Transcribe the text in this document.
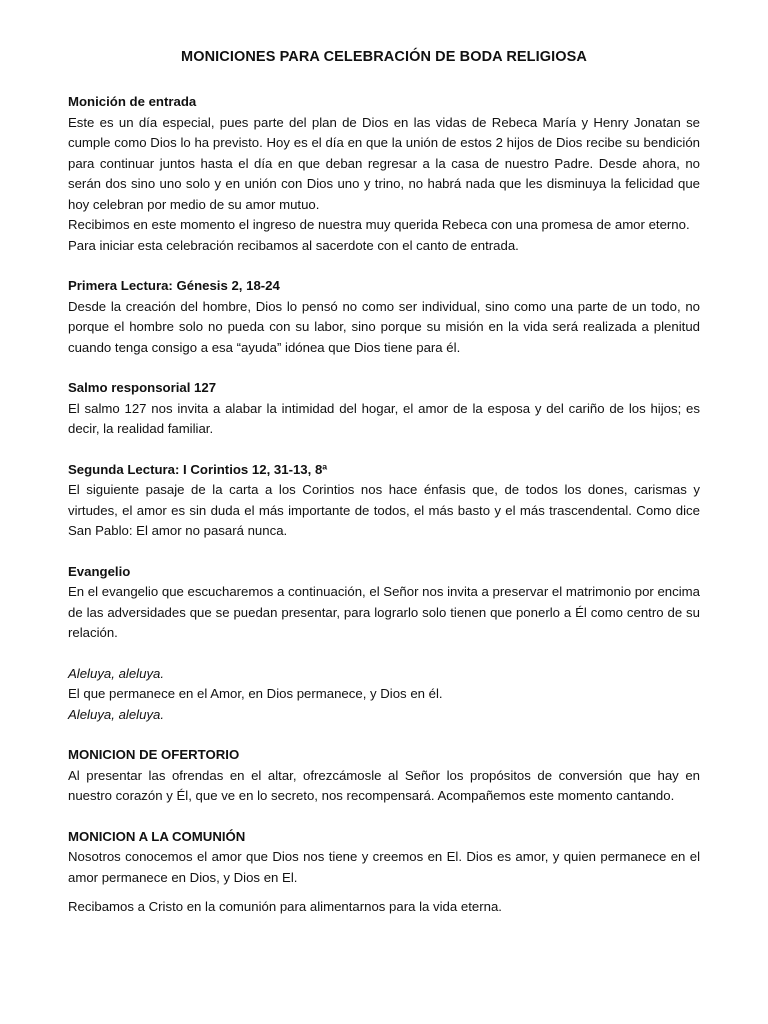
MONICIONES PARA CELEBRACIÓN DE BODA RELIGIOSA

Monición de entrada

Este es un día especial, pues parte del plan de Dios en las vidas de Rebeca María y Henry Jonatan se cumple como Dios lo ha previsto. Hoy es el día en que la unión de estos 2 hijos de Dios recibe su bendición para continuar juntos hasta el día en que deban regresar a la casa de nuestro Padre. Desde ahora, no serán dos sino uno solo y en unión con Dios uno y trino, no habrá nada que les disminuya la felicidad que hoy celebran por medio de su amor mutuo.

Recibimos en este momento el ingreso de nuestra muy querida Rebeca con una promesa de amor eterno.

Para iniciar esta celebración recibamos al sacerdote con el canto de entrada.

Primera Lectura: Génesis 2, 18-24

Desde la creación del hombre, Dios lo pensó no como ser individual, sino como una parte de un todo, no porque el hombre solo no pueda con su labor, sino porque su misión en la vida será realizada a plenitud cuando tenga consigo a esa “ayuda” idónea que Dios tiene para él.

Salmo responsorial 127

El salmo 127 nos invita a alabar la intimidad del hogar, el amor de la esposa y del cariño de los hijos; es decir, la realidad familiar.

Segunda Lectura: I Corintios 12, 31-13, 8ª

El siguiente pasaje de la carta a los Corintios nos hace énfasis que, de todos los dones, carismas y virtudes, el amor es sin duda el más importante de todos, el más basto y el más trascendental. Como dice San Pablo: El amor no pasará nunca.

Evangelio

En el evangelio que escucharemos a continuación, el Señor nos invita a preservar el matrimonio por encima de las adversidades que se puedan presentar, para lograrlo solo tienen que ponerlo a Él como centro de su relación.

Aleluya, aleluya.

El que permanece en el Amor, en Dios permanece, y Dios en él.

Aleluya, aleluya.

MONICION DE OFERTORIO

Al presentar las ofrendas en el altar, ofrezcámosle al Señor los propósitos de conversión que hay en nuestro corazón y Él, que ve en lo secreto, nos recompensará. Acompañemos este momento cantando.

MONICION A LA COMUNIÓN

Nosotros conocemos el amor que Dios nos tiene y creemos en El. Dios es amor, y quien permanece en el amor permanece en Dios, y Dios en El.

Recibamos a Cristo en la comunión para alimentarnos para la vida eterna.
